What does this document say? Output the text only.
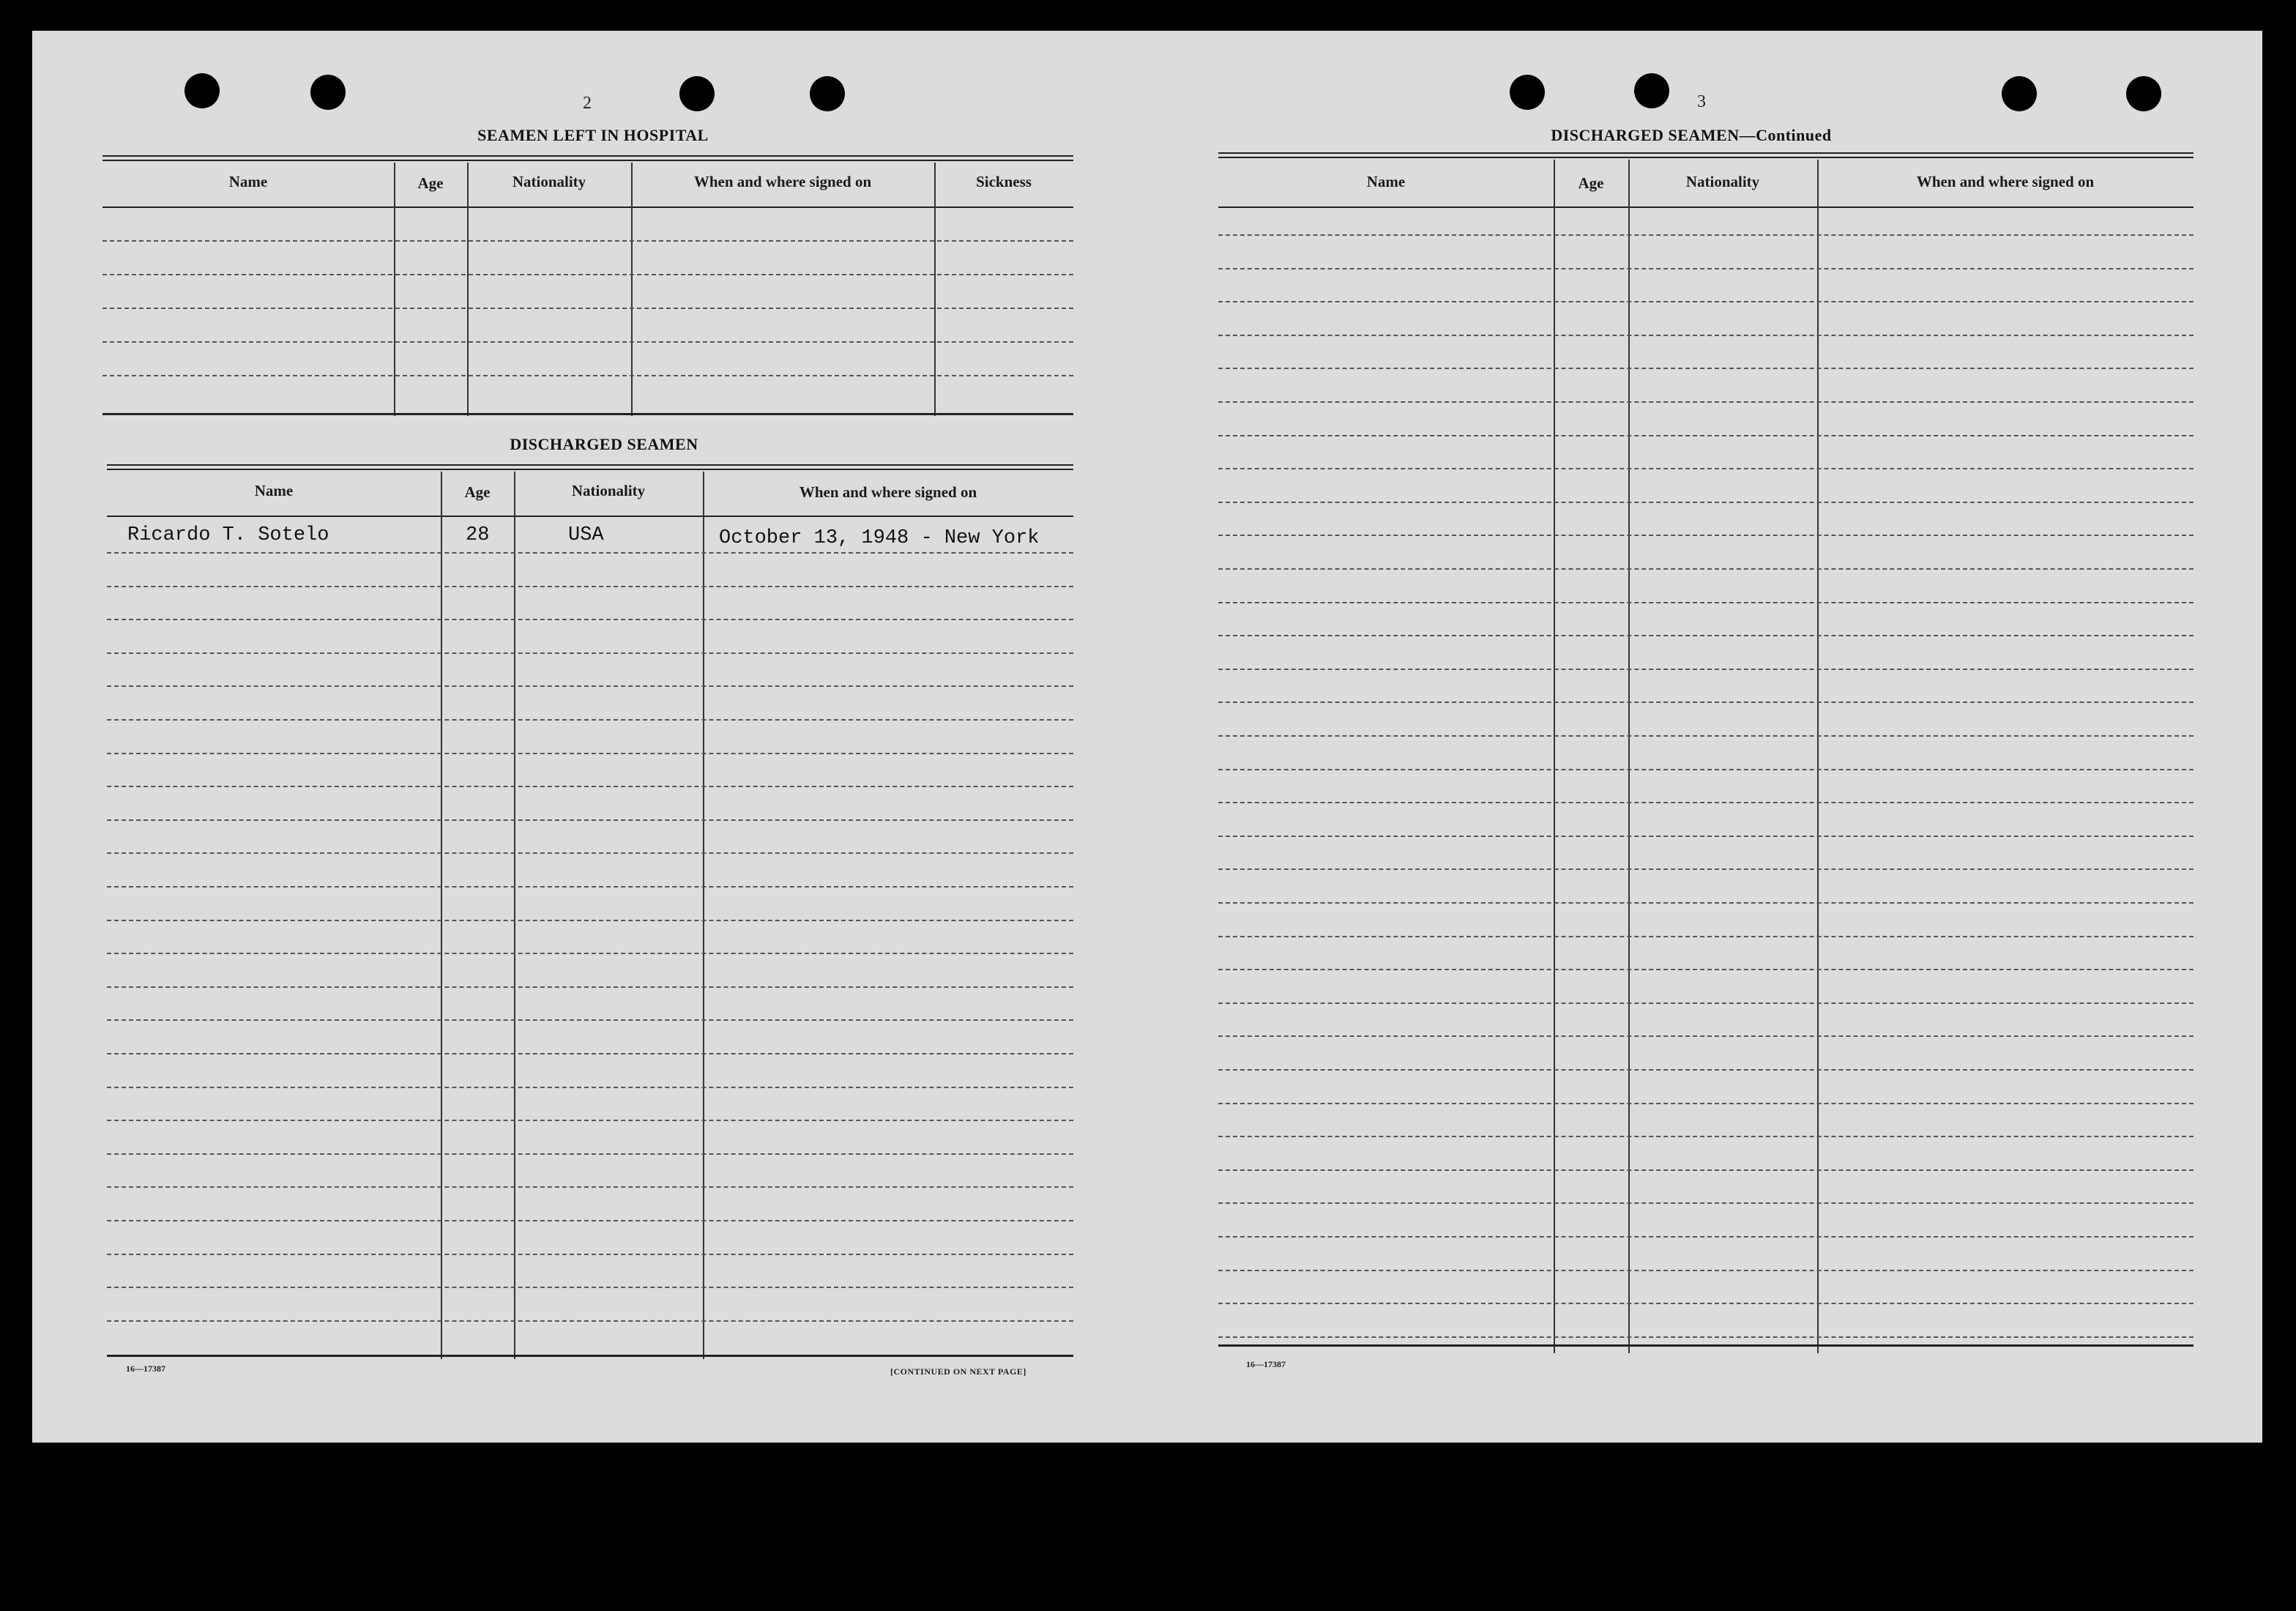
2
SEAMEN LEFT IN HOSPITAL
Name	Age	Nationality	When and where signed on	Sickness
DISCHARGED SEAMEN
Name	Age	Nationality	When and where signed on
Ricardo T. Sotelo	28	USA	October 13, 1948 - New York
16—17387	[CONTINUED ON NEXT PAGE]
3
DISCHARGED SEAMEN—Continued
Name	Age	Nationality	When and where signed on
16—17387
